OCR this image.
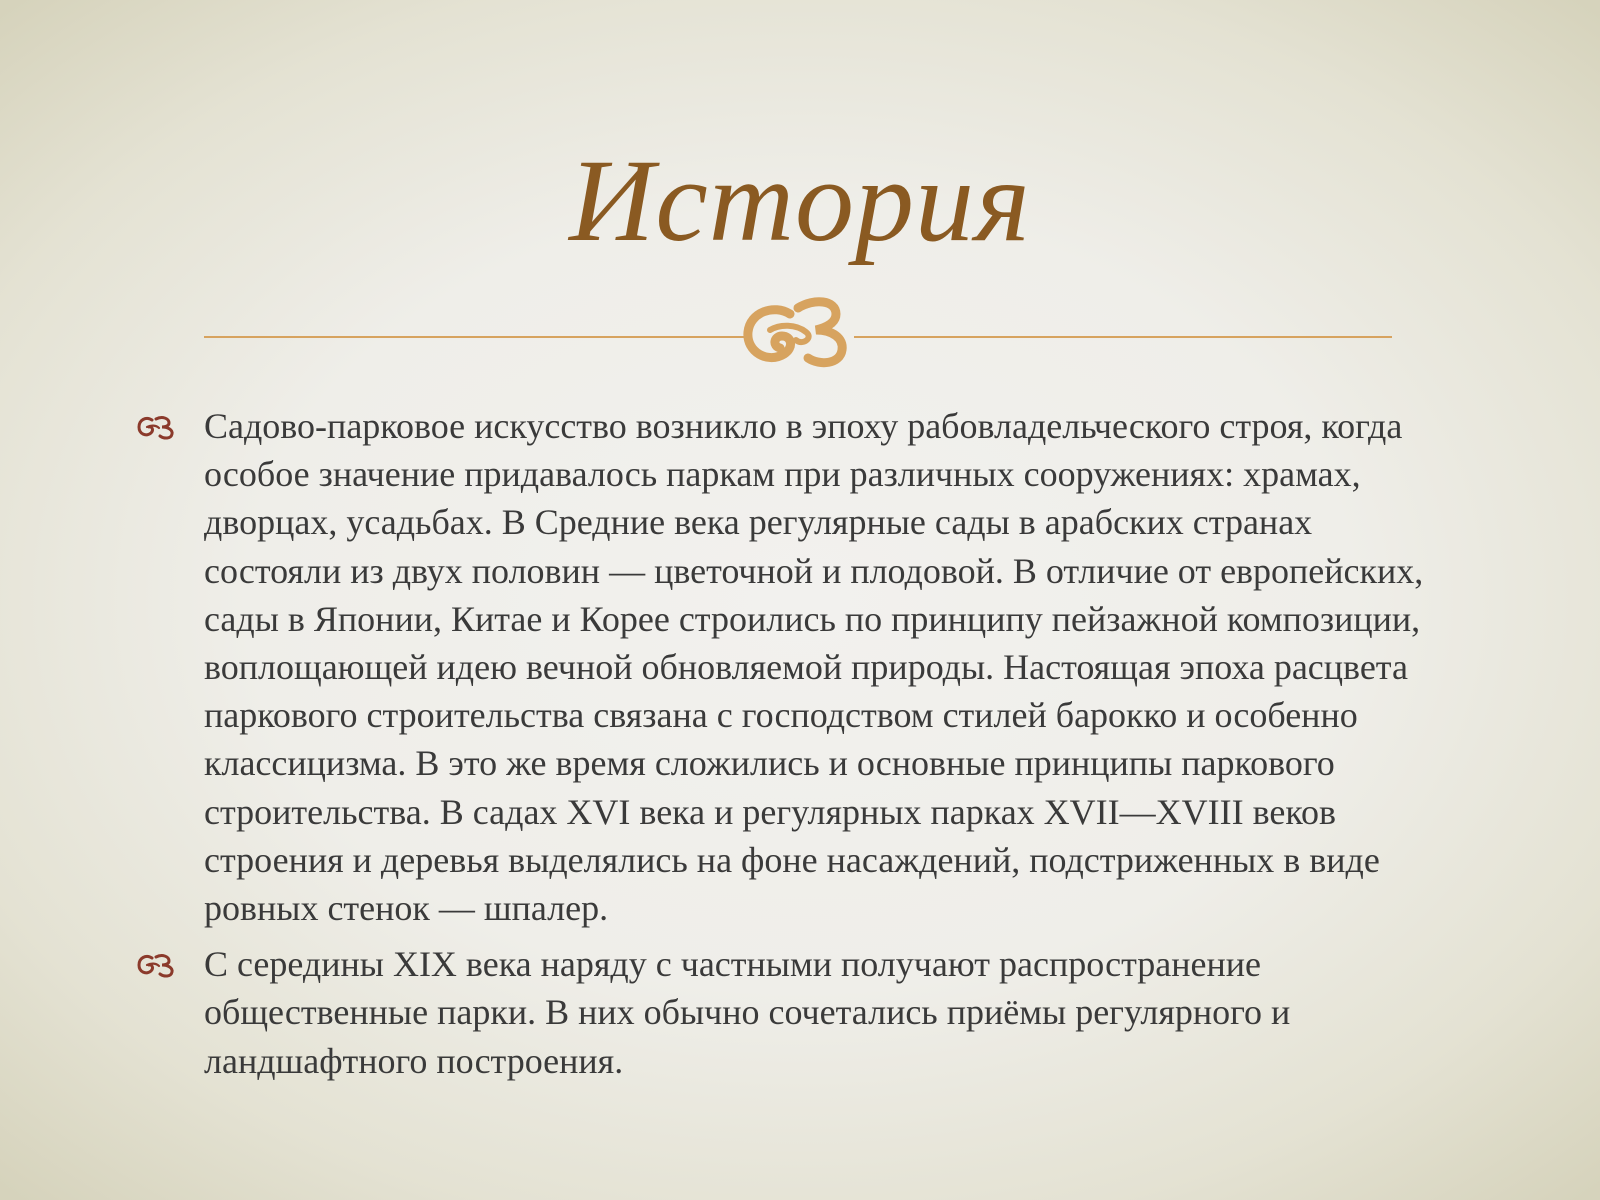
История
Садово-парковое искусство возникло в эпоху рабовладельческого строя, когда особое значение придавалось паркам при различных сооружениях: храмах, дворцах, усадьбах. В Средние века регулярные сады в арабских странах состояли из двух половин — цветочной и плодовой. В отличие от европейских, сады в Японии, Китае и Корее строились по принципу пейзажной композиции, воплощающей идею вечной обновляемой природы. Настоящая эпоха расцвета паркового строительства связана с господством стилей барокко и особенно классицизма. В это же время сложились и основные принципы паркового строительства. В садах XVI века и регулярных парках XVII—XVIII веков строения и деревья выделялись на фоне насаждений, подстриженных в виде ровных стенок — шпалер.
С середины XIX века наряду с частными получают распространение общественные парки. В них обычно сочетались приёмы регулярного и ландшафтного построения.
